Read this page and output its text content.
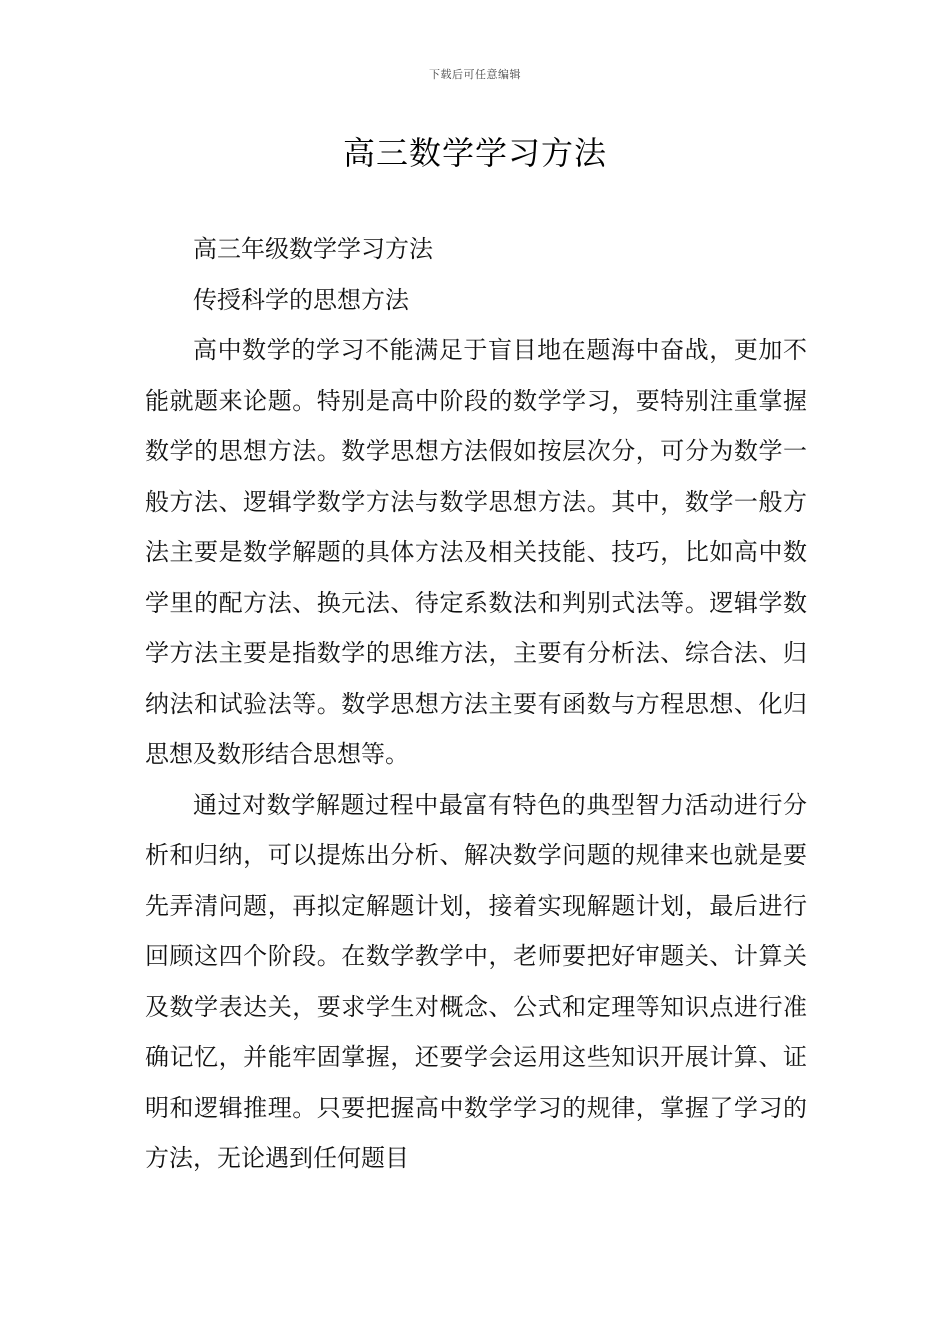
下载后可任意编辑
高三数学学习方法

高三年级数学学习方法

传授科学的思想方法

高中数学的学习不能满足于盲目地在题海中奋战，更加不能就题来论题。特别是高中阶段的数学学习，要特别注重掌握数学的思想方法。数学思想方法假如按层次分，可分为数学一般方法、逻辑学数学方法与数学思想方法。其中，数学一般方法主要是数学解题的具体方法及相关技能、技巧，比如高中数学里的配方法、换元法、待定系数法和判别式法等。逻辑学数学方法主要是指数学的思维方法，主要有分析法、综合法、归纳法和试验法等。数学思想方法主要有函数与方程思想、化归思想及数形结合思想等。

通过对数学解题过程中最富有特色的典型智力活动进行分析和归纳，可以提炼出分析、解决数学问题的规律来也就是要先弄清问题，再拟定解题计划，接着实现解题计划，最后进行回顾这四个阶段。在数学教学中，老师要把好审题关、计算关及数学表达关，要求学生对概念、公式和定理等知识点进行准确记忆，并能牢固掌握，还要学会运用这些知识开展计算、证明和逻辑推理。只要把握高中数学学习的规律，掌握了学习的方法，无论遇到任何题目
